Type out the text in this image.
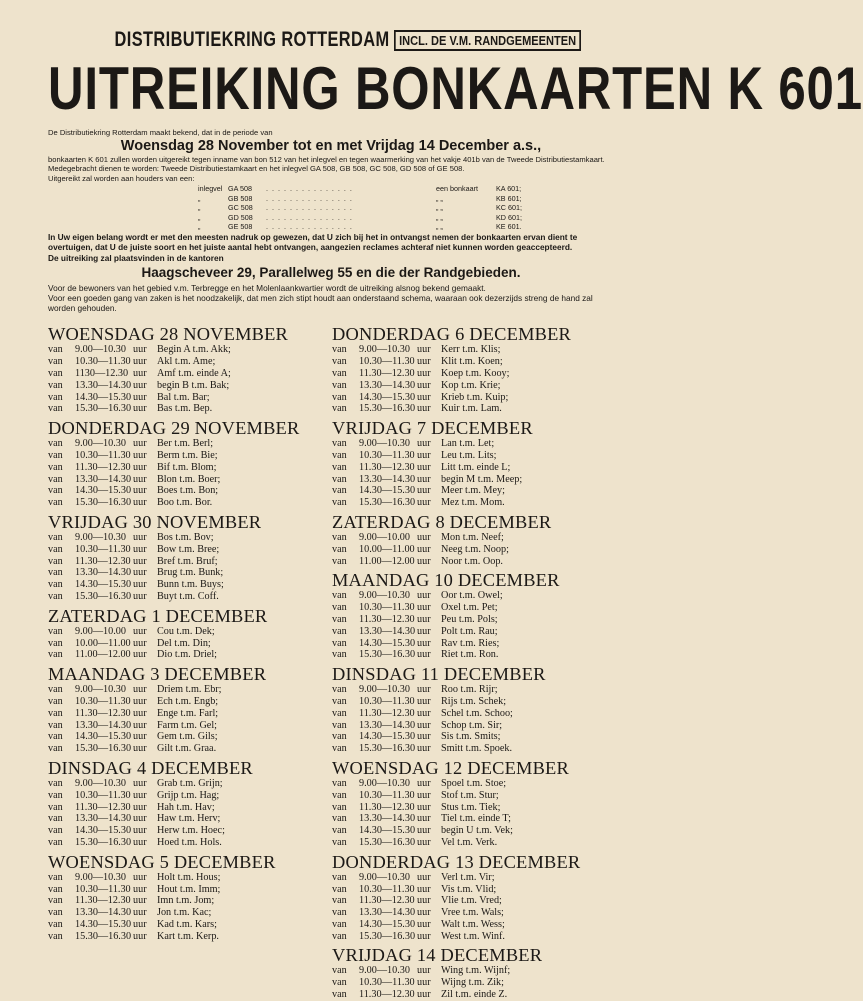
DISTRIBUTIEKRING ROTTERDAM INCL. DE V.M. RANDGEMEENTEN
UITREIKING BONKAARTEN K 601

De Distributiekring Rotterdam maakt bekend, dat in de periode van

Woensdag 28 November tot en met Vrijdag 14 December a.s.,

bonkaarten K 601 zullen worden uitgereikt tegen inname van bon 512 van het inlegvel en tegen waarmerking van het vakje 401b van de Tweede Distributiestamkaart.

Medegebracht dienen te worden: Tweede Distributiestamkaart en het inlegvel GA 508, GB 508, GC 508, GD 508 of GE 508.

Uitgereikt zal worden aan houders van een:

inlegvel GA 508	. . . . . . . . . . . . . . .	een bonkaart	KA 601;
„	GB 508	. . . . . . . . . . . . . . .	„ „	KB 601;
„	GC 508	. . . . . . . . . . . . . . .	„ „	KC 601;
„	GD 508	. . . . . . . . . . . . . . .	„ „	KD 601;
„	GE 508	. . . . . . . . . . . . . . .	„ „	KE 601.

In Uw eigen belang wordt er met den meesten nadruk op gewezen, dat U zich bij het in ontvangst nemen der bonkaarten ervan dient te overtuigen, dat U de juiste soort en het juiste aantal hebt ontvangen, aangezien reclames achteraf niet kunnen worden geaccepteerd.

De uitreiking zal plaatsvinden in de kantoren

Haagscheveer 29, Parallelweg 55 en die der Randgebieden.

Voor de bewoners van het gebied v.m. Terbregge en het Molenlaankwartier wordt de uitreiking alsnog bekend gemaakt.

Voor een goeden gang van zaken is het noodzakelijk, dat men zich stipt houdt aan onderstaand schema, waaraan ook dezerzijds streng de hand zal worden gehouden.

WOENSDAG 28 NOVEMBER
van	9.00—10.30 uur	Begin A t.m. Akk;
van	10.30—11.30 uur	Akl t.m. Ame;
van	1130—12.30 uur	Amf t.m. einde A;
van	13.30—14.30 uur	begin B t.m. Bak;
van	14.30—15.30 uur	Bal t.m. Bar;
van	15.30—16.30 uur	Bas t.m. Bep.
DONDERDAG 29 NOVEMBER
van	9.00—10.30 uur	Ber t.m. Berl;
van	10.30—11.30 uur	Berm t.m. Bie;
van	11.30—12.30 uur	Bif t.m. Blom;
van	13.30—14.30 uur	Blon t.m. Boer;
van	14.30—15.30 uur	Boes t.m. Bon;
van	15.30—16.30 uur	Boo t.m. Bor.
VRIJDAG 30 NOVEMBER
van	9.00—10.30 uur	Bos t.m. Bov;
van	10.30—11.30 uur	Bow t.m. Bree;
van	11.30—12.30 uur	Bref t.m. Bruf;
van	13.30—14.30 uur	Brug t.m. Bunk;
van	14.30—15.30 uur	Bunn t.m. Buys;
van	15.30—16.30 uur	Buyt t.m. Coff.
ZATERDAG 1 DECEMBER
van	9.00—10.00 uur	Cou t.m. Dek;
van	10.00—11.00 uur	Del t.m. Din;
van	11.00—12.00 uur	Dio t.m. Driel;
MAANDAG 3 DECEMBER
van	9.00—10.30 uur	Driem t.m. Ebr;
van	10.30—11.30 uur	Ech t.m. Engb;
van	11.30—12.30 uur	Enge t.m. Farl;
van	13.30—14.30 uur	Farm t.m. Gel;
van	14.30—15.30 uur	Gem t.m. Gils;
van	15.30—16.30 uur	Gilt t.m. Graa.
DINSDAG 4 DECEMBER
van	9.00—10.30 uur	Grab t.m. Grijn;
van	10.30—11.30 uur	Grijp t.m. Hag;
van	11.30—12.30 uur	Hah t.m. Hav;
van	13.30—14.30 uur	Haw t.m. Herv;
van	14.30—15.30 uur	Herw t.m. Hoec;
van	15.30—16.30 uur	Hoed t.m. Hols.
WOENSDAG 5 DECEMBER
van	9.00—10.30 uur	Holt t.m. Hous;
van	10.30—11.30 uur	Hout t.m. Imm;
van	11.30—12.30 uur	Imn t.m. Jom;
van	13.30—14.30 uur	Jon t.m. Kac;
van	14.30—15.30 uur	Kad t.m. Kars;
van	15.30—16.30 uur	Kart t.m. Kerp.
DONDERDAG 6 DECEMBER
van	9.00—10.30 uur	Kerr t.m. Klis;
van	10.30—11.30 uur	Klit t.m. Koen;
van	11.30—12.30 uur	Koep t.m. Kooy;
van	13.30—14.30 uur	Kop t.m. Krie;
van	14.30—15.30 uur	Krieb t.m. Kuip;
van	15.30—16.30 uur	Kuir t.m. Lam.
VRIJDAG 7 DECEMBER
van	9.00—10.30 uur	Lan t.m. Let;
van	10.30—11.30 uur	Leu t.m. Lits;
van	11.30—12.30 uur	Litt t.m. einde L;
van	13.30—14.30 uur	begin M t.m. Meep;
van	14.30—15.30 uur	Meer t.m. Mey;
van	15.30—16.30 uur	Mez t.m. Mom.
ZATERDAG 8 DECEMBER
van	9.00—10.00 uur	Mon t.m. Neef;
van	10.00—11.00 uur	Neeg t.m. Noop;
van	11.00—12.00 uur	Noor t.m. Oop.
MAANDAG 10 DECEMBER
van	9.00—10.30 uur	Oor t.m. Owel;
van	10.30—11.30 uur	Oxel t.m. Pet;
van	11.30—12.30 uur	Peu t.m. Pols;
van	13.30—14.30 uur	Polt t.m. Rau;
van	14.30—15.30 uur	Rav t.m. Ries;
van	15.30—16.30 uur	Riet t.m. Ron.
DINSDAG 11 DECEMBER
van	9.00—10.30 uur	Roo t.m. Rijr;
van	10.30—11.30 uur	Rijs t.m. Schek;
van	11.30—12.30 uur	Schel t.m. Schoo;
van	13.30—14.30 uur	Schop t.m. Sir;
van	14.30—15.30 uur	Sis t.m. Smits;
van	15.30—16.30 uur	Smitt t.m. Spoek.
WOENSDAG 12 DECEMBER
van	9.00—10.30 uur	Spoel t.m. Stoe;
van	10.30—11.30 uur	Stof t.m. Stur;
van	11.30—12.30 uur	Stus t.m. Tiek;
van	13.30—14.30 uur	Tiel t.m. einde T;
van	14.30—15.30 uur	begin U t.m. Vek;
van	15.30—16.30 uur	Vel t.m. Verk.
DONDERDAG 13 DECEMBER
van	9.00—10.30 uur	Verl t.m. Vir;
van	10.30—11.30 uur	Vis t.m. Vlid;
van	11.30—12.30 uur	Vlie t.m. Vred;
van	13.30—14.30 uur	Vree t.m. Wals;
van	14.30—15.30 uur	Walt t.m. Wess;
van	15.30—16.30 uur	West t.m. Winf.
VRIJDAG 14 DECEMBER
van	9.00—10.30 uur	Wing t.m. Wijnf;
van	10.30—11.30 uur	Wijng t.m. Zik;
van	11.30—12.30 uur	Zil t.m. einde Z.
